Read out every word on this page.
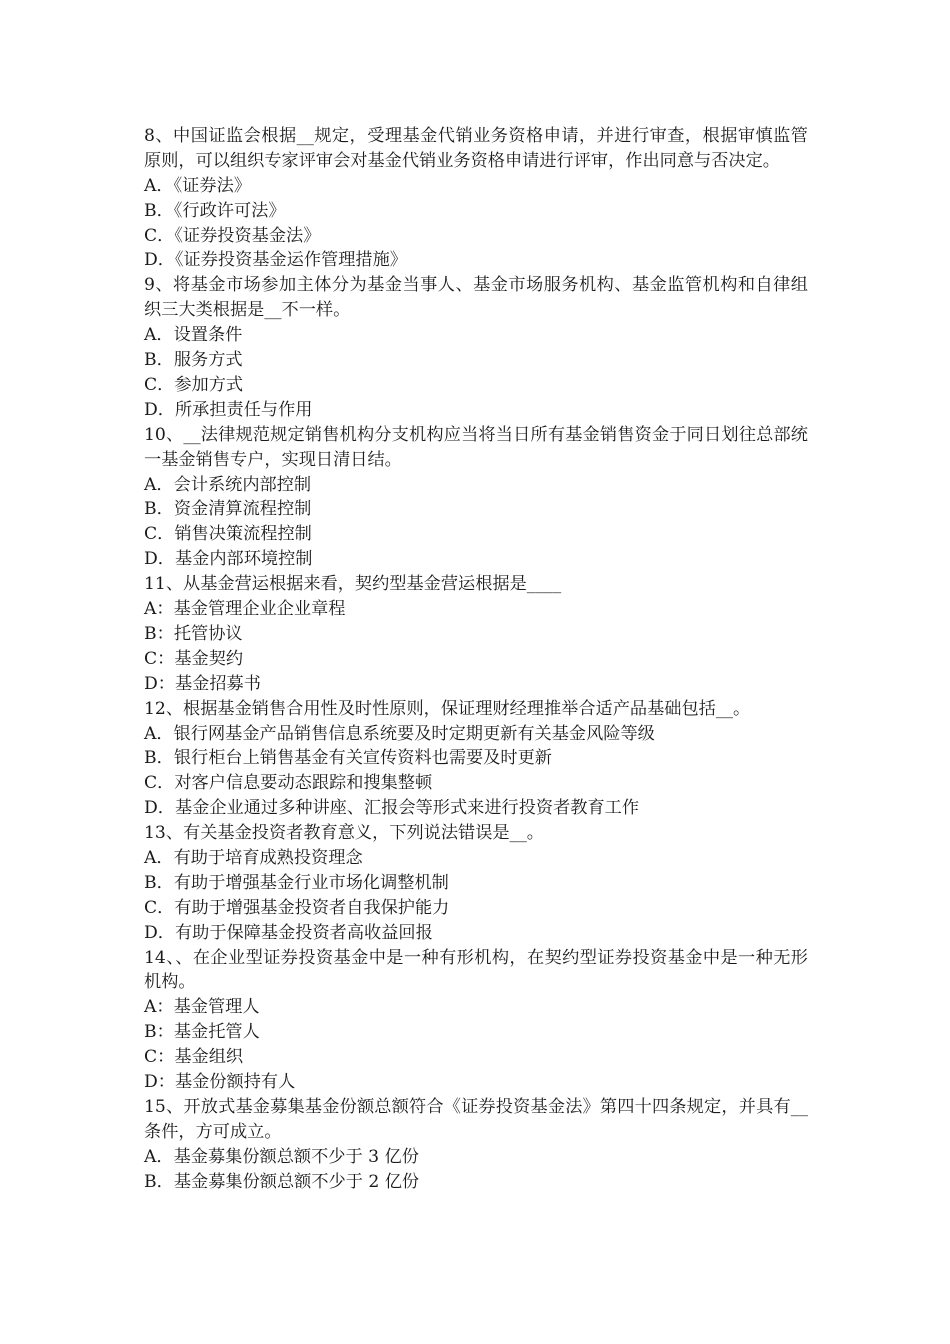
8、中国证监会根据__规定，受理基金代销业务资格申请，并进行审查，根据审慎监管原则，可以组织专家评审会对基金代销业务资格申请进行评审，作出同意与否决定。
A．《证券法》
B．《行政许可法》
C．《证券投资基金法》
D．《证券投资基金运作管理措施》
9、将基金市场参加主体分为基金当事人、基金市场服务机构、基金监管机构和自律组织三大类根据是__不一样。
A．设置条件
B．服务方式
C．参加方式
D．所承担责任与作用
10、__法律规范规定销售机构分支机构应当将当日所有基金销售资金于同日划往总部统一基金销售专户，实现日清日结。
A．会计系统内部控制
B．资金清算流程控制
C．销售决策流程控制
D．基金内部环境控制
11、从基金营运根据来看，契约型基金营运根据是____
A：基金管理企业企业章程
B：托管协议
C：基金契约
D：基金招募书
12、根据基金销售合用性及时性原则，保证理财经理推举合适产品基础包括__。
A．银行网基金产品销售信息系统要及时定期更新有关基金风险等级
B．银行柜台上销售基金有关宣传资料也需要及时更新
C．对客户信息要动态跟踪和搜集整顿
D．基金企业通过多种讲座、汇报会等形式来进行投资者教育工作
13、有关基金投资者教育意义，下列说法错误是__。
A．有助于培育成熟投资理念
B．有助于增强基金行业市场化调整机制
C．有助于增强基金投资者自我保护能力
D．有助于保障基金投资者高收益回报
14、、在企业型证券投资基金中是一种有形机构，在契约型证券投资基金中是一种无形机构。
A：基金管理人
B：基金托管人
C：基金组织
D：基金份额持有人
15、开放式基金募集基金份额总额符合《证券投资基金法》第四十四条规定，并具有__条件，方可成立。
A．基金募集份额总额不少于 3 亿份
B．基金募集份额总额不少于 2 亿份
